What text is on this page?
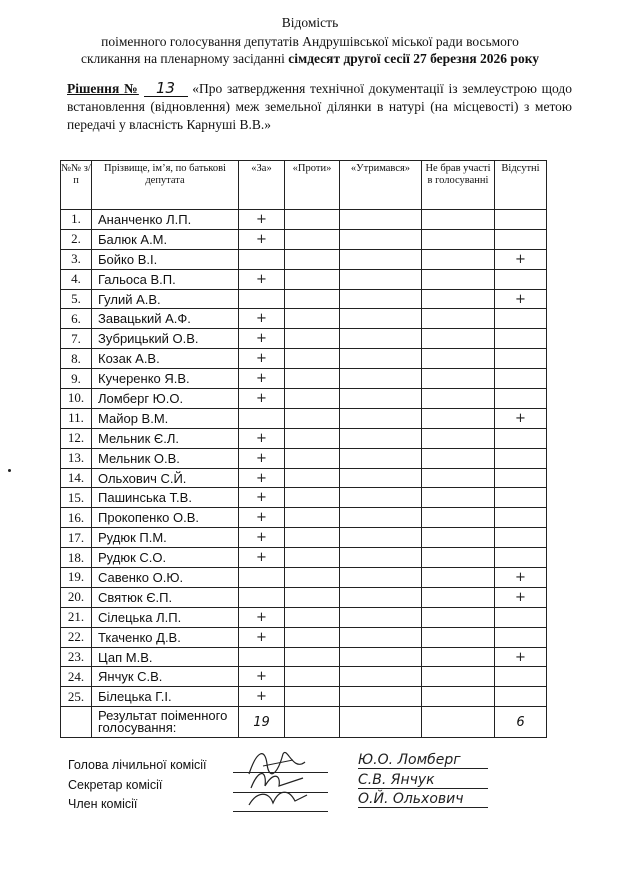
Відомість
поіменного голосування депутатів Андрушівської міської ради восьмого
скликання на пленарному засіданні сімдесят другої сесії 27 березня 2026 року
Рішення № 13 «Про затвердження технічної документації із землеустрою щодо встановлення (відновлення) меж земельної ділянки в натурі (на місцевості) з метою передачі у власність Карнуші В.В.»
№№ з/п	Прізвище, ім’я, по батькові депутата	«За»	«Проти»	«Утримався»	Не брав участі в голосуванні	Відсутні
1.	Ананченко Л.П.	+				
2.	Балюк А.М.	+				
3.	Бойко В.І.					+
4.	Гальоса В.П.	+				
5.	Гулий А.В.					+
6.	Завацький А.Ф.	+				
7.	Зубрицький О.В.	+				
8.	Козак А.В.	+				
9.	Кучеренко Я.В.	+				
10.	Ломберг Ю.О.	+				
11.	Майор В.М.					+
12.	Мельник Є.Л.	+				
13.	Мельник О.В.	+				
14.	Ольхович С.Й.	+				
15.	Пашинська Т.В.	+				
16.	Прокопенко О.В.	+				
17.	Рудюк П.М.	+				
18.	Рудюк С.О.	+				
19.	Савенко О.Ю.					+
20.	Святюк Є.П.					+
21.	Сілецька Л.П.	+				
22.	Ткаченко Д.В.	+				
23.	Цап М.В.					+
24.	Янчук С.В.	+				
25.	Білецька Г.І.	+				
	Результат поіменного голосування:	19				6
Голова лічильної комісії	Ю.О. Ломберг
Секретар комісії	С.В. Янчук
Член комісії	О.Й. Ольхович
